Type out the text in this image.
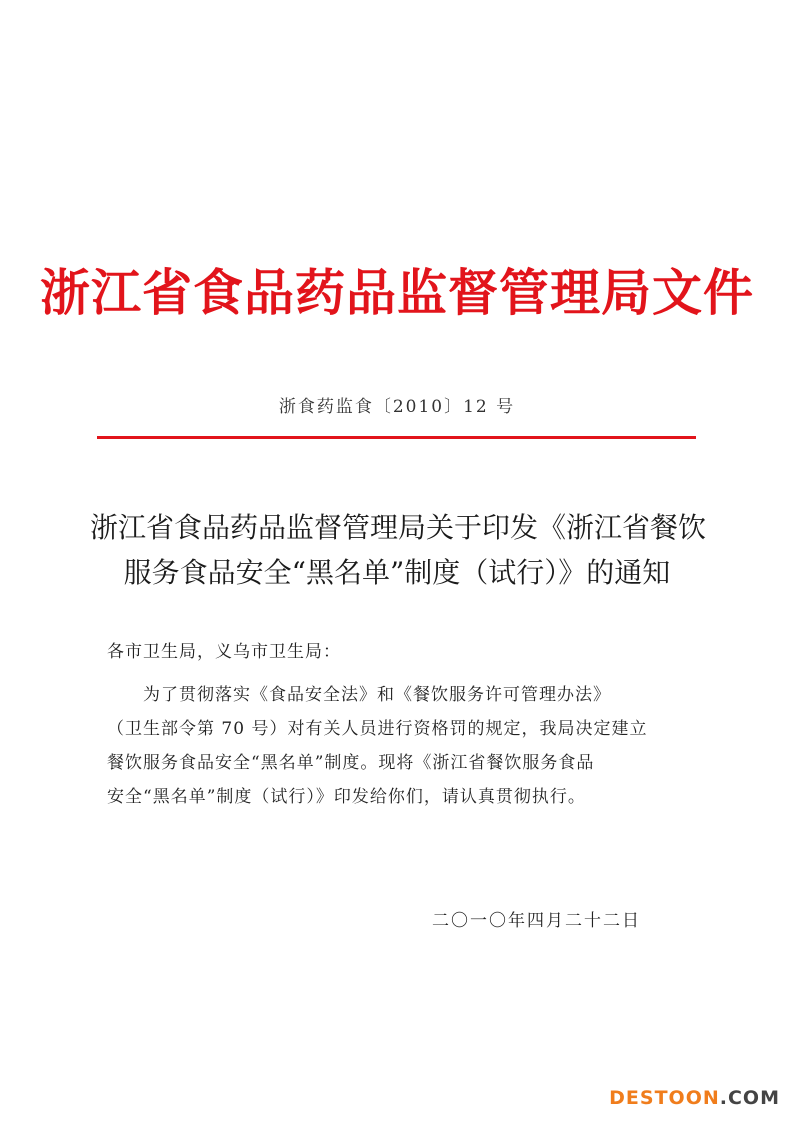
浙江省食品药品监督管理局文件
浙食药监食〔2010〕12 号
浙江省食品药品监督管理局关于印发《浙江省餐饮
服务食品安全“黑名单”制度（试行）》的通知
各市卫生局，义乌市卫生局：
为了贯彻落实《食品安全法》和《餐饮服务许可管理办法》
（卫生部令第 70 号）对有关人员进行资格罚的规定，我局决定建立
餐饮服务食品安全“黑名单”制度。现将《浙江省餐饮服务食品
安全“黑名单”制度（试行）》印发给你们，请认真贯彻执行。
二〇一〇年四月二十二日
DESTOON.COM
